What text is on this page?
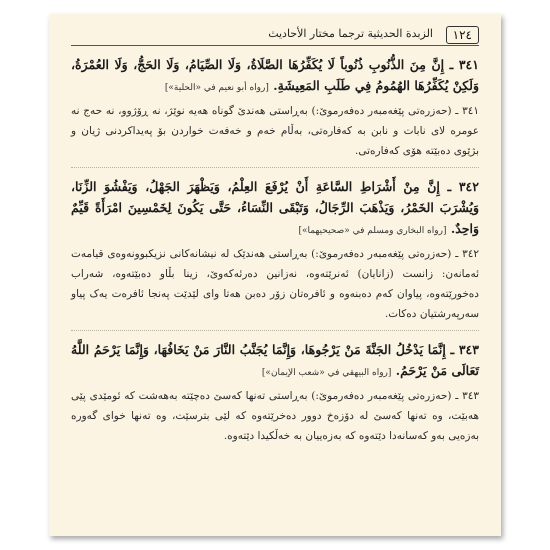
١٢٤
الزبدة الحديثية ترجما مختار الأحاديث

٣٤١ ـ إِنَّ مِنَ الذُّنُوبِ ذُنُوباً لَا يُكَفِّرُهَا الصَّلَاةُ، وَلَا الصِّيَامُ، وَلَا الحَجُّ، وَلَا العُمْرَةُ، وَلَكِنْ يُكَفِّرُهَا الهُمُومُ فِي طَلَبِ المَعِيشَةِ. [رواه أبو نعيم في «الحلية»]

٣٤١ ـ (حەزرەتی پێغەمبەر دەفەرموێ:) بەڕاستی هەندێ گوناه هەیە نوێژ، نە ڕۆژوو، نە حەج نە عومرە لای نابات و نابن بە کەفارەتی، بەڵام خەم و خەفەت خواردن بۆ پەیداکردنی ژیان و بژێوی دەبێتە هۆی کەفارەتی.

٣٤٢ ـ إِنَّ مِنْ أَشْرَاطِ السَّاعَةِ أَنْ يُرْفَعَ العِلْمُ، وَيَظْهَرَ الجَهْلُ، وَيَفْشُوَ الزِّنَا، وَيُشْرَبَ الخَمْرُ، وَيَذْهَبَ الرِّجَالُ، وَتَبْقَى النِّسَاءُ، حَتَّى يَكُونَ لِخَمْسِينَ امْرَأَةً قَيِّمٌ وَاحِدٌ. [رواه البخاري ومسلم في «صحيحيهما»]

٣٤٢ ـ (حەزرەتی پێغەمبەر دەفەرموێ:) بەڕاستی هەندێک لە نیشانەکانی نزیکبوونەوەی قیامەت ئەمانەن: زانست (زانایان) ئەنرێتەوە، نەزانین دەرئەکەوێ، زینا بڵاو دەبێتەوە، شەراب دەخورێتەوە، پیاوان کەم دەبنەوە و ئافرەتان زۆر دەبن هەتا وای لێدێت پەنجا ئافرەت یەک پیاو سەرپەرشتیان دەکات.

٣٤٣ ـ إِنَّمَا يَدْخُلُ الجَنَّةَ مَنْ يَرْجُوهَا، وَإِنَّمَا يُجَنَّبُ النَّارَ مَنْ يَخَافُهَا، وَإِنَّمَا يَرْحَمُ اللَّهُ تَعَالَى مَنْ يَرْحَمُ. [رواه البيهقي في «شعب الإيمان»]

٣٤٣ ـ (حەزرەتی پێغەمبەر دەفەرموێ:) بەڕاستی تەنها کەسێ دەچێتە بەهەشت کە ئومێدی پێی هەبێت، وە تەنها کەسێ لە دۆزەخ دوور دەخرێتەوە کە لێی بترسێت، وە تەنها خوای گەورە بەزەیی بەو کەسانەدا دێتەوە کە بەزەییان بە خەڵکیدا دێتەوە.
